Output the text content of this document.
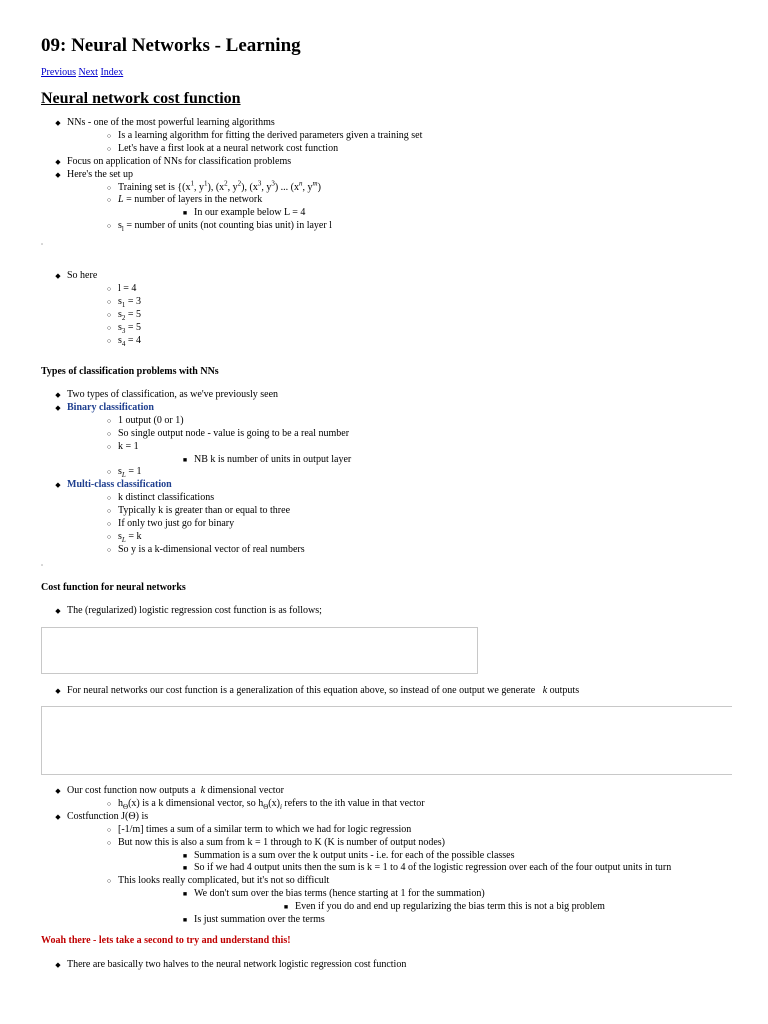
09: Neural Networks - Learning
Previous Next Index
Neural network cost function
◆ NNs - one of the most powerful learning algorithms
○ Is a learning algorithm for fitting the derived parameters given a training set
○ Let's have a first look at a neural network cost function
◆ Focus on application of NNs for classification problems
◆ Here's the set up
○ Training set is {($x^1$, $y^1$), ($x^2$, $y^2$), ($x^3$, $y^3$) ... ($x^n$, $y^m$)
○ L = number of layers in the network
■ In our example below L = 4
○ $s_l$ = number of units (not counting bias unit) in layer l
▫
◆ So here
○ l = 4
○ $s_1 = 3$
○ $s_2 = 5$
○ $s_3 = 5$
○ $s_4 = 4$
Types of classification problems with NNs
◆ Two types of classification, as we've previously seen
◆ Binary classification
○ 1 output (0 or 1)
○ So single output node - value is going to be a real number
○ k = 1
■ NB k is number of units in output layer
○ $s_L = 1$
◆ Multi-class classification
○ k distinct classifications
○ Typically k is greater than or equal to three
○ If only two just go for binary
○ $s_L = k$
○ So y is a k-dimensional vector of real numbers
▫
Cost function for neural networks
◆ The (regularized) logistic regression cost function is as follows;
◆ For neural networks our cost function is a generalization of this equation above, so instead of one output we generate k outputs
◆ Our cost function now outputs a k dimensional vector
○ $h_\Theta(x)$ is a k dimensional vector, so $h_\Theta(x)_i$ refers to the ith value in that vector
◆ Costfunction J(Θ) is
○ [-1/m] times a sum of a similar term to which we had for logic regression
○ But now this is also a sum from k = 1 through to K (K is number of output nodes)
■ Summation is a sum over the k output units - i.e. for each of the possible classes
■ So if we had 4 output units then the sum is k = 1 to 4 of the logistic regression over each of the four output units in turn
○ This looks really complicated, but it's not so difficult
■ We don't sum over the bias terms (hence starting at 1 for the summation)
■ Even if you do and end up regularizing the bias term this is not a big problem
■ Is just summation over the terms
Woah there - lets take a second to try and understand this!
◆ There are basically two halves to the neural network logistic regression cost function
